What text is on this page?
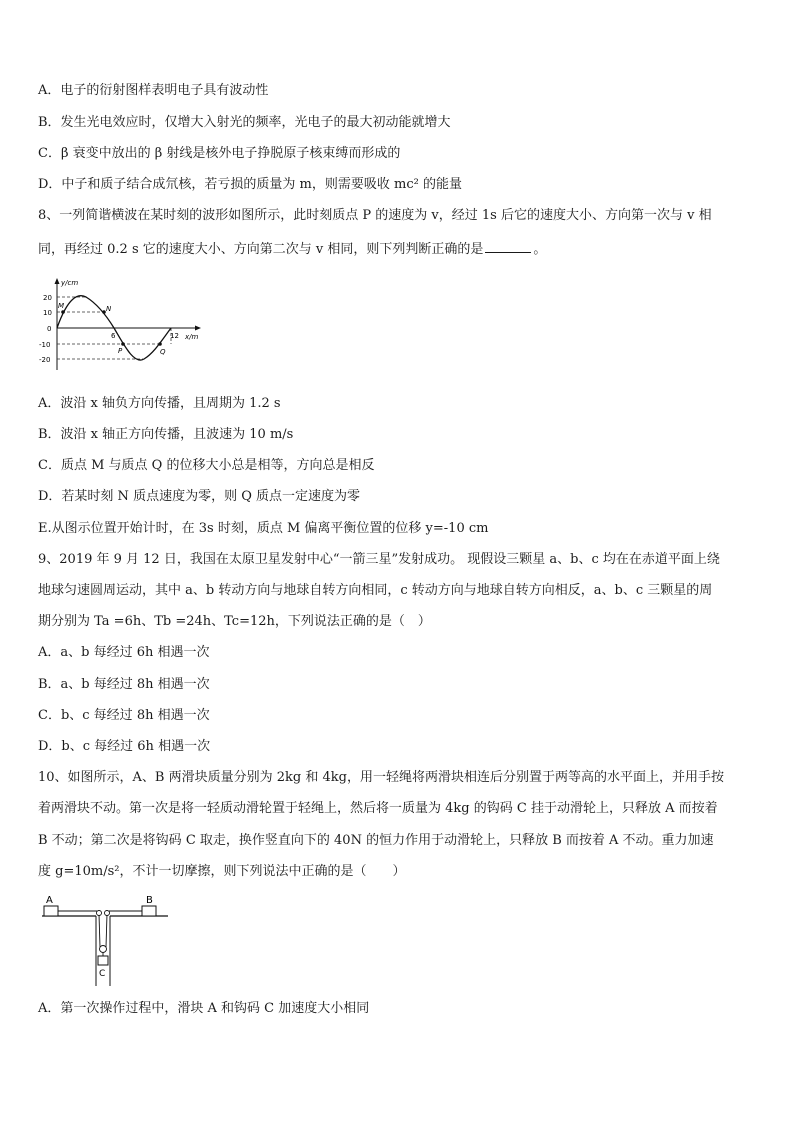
A．电子的衍射图样表明电子具有波动性
B．发生光电效应时，仅增大入射光的频率，光电子的最大初动能就增大
C．β 衰变中放出的 β 射线是核外电子挣脱原子核束缚而形成的
D．中子和质子结合成氘核，若亏损的质量为 m，则需要吸收 mc² 的能量
8、一列简谐横波在某时刻的波形如图所示，此时刻质点 P 的速度为 v，经过 1s 后它的速度大小、方向第一次与 v 相
同，再经过 0.2 s 它的速度大小、方向第二次与 v 相同，则下列判断正确的是	。
y/cm
x/m
20
10
0
-10
-20
6	12
M	N
P	Q
A．波沿 x 轴负方向传播，且周期为 1.2 s
B．波沿 x 轴正方向传播，且波速为 10 m/s
C．质点 M 与质点 Q 的位移大小总是相等，方向总是相反
D．若某时刻 N 质点速度为零，则 Q 质点一定速度为零
E.从图示位置开始计时，在 3s 时刻，质点 M 偏离平衡位置的位移 y=-10 cm
9、2019 年 9 月 12 日，我国在太原卫星发射中心“一箭三星”发射成功。 现假设三颗星 a、b、c 均在在赤道平面上绕
地球匀速圆周运动，其中 a、b 转动方向与地球自转方向相同，c 转动方向与地球自转方向相反，a、b、c 三颗星的周
期分别为 Ta =6h、Tb =24h、Tc=12h，下列说法正确的是（　）
A．a、b 每经过 6h 相遇一次
B．a、b 每经过 8h 相遇一次
C．b、c 每经过 8h 相遇一次
D．b、c 每经过 6h 相遇一次
10、如图所示，A、B 两滑块质量分别为 2kg 和 4kg，用一轻绳将两滑块相连后分别置于两等高的水平面上，并用手按
着两滑块不动。第一次是将一轻质动滑轮置于轻绳上，然后将一质量为 4kg 的钩码 C 挂于动滑轮上，只释放 A 而按着
B 不动；第二次是将钩码 C 取走，换作竖直向下的 40N 的恒力作用于动滑轮上，只释放 B 而按着 A 不动。重力加速
度 g=10m/s²，不计一切摩擦，则下列说法中正确的是（　　）
A	B
C
A．第一次操作过程中，滑块 A 和钩码 C 加速度大小相同
